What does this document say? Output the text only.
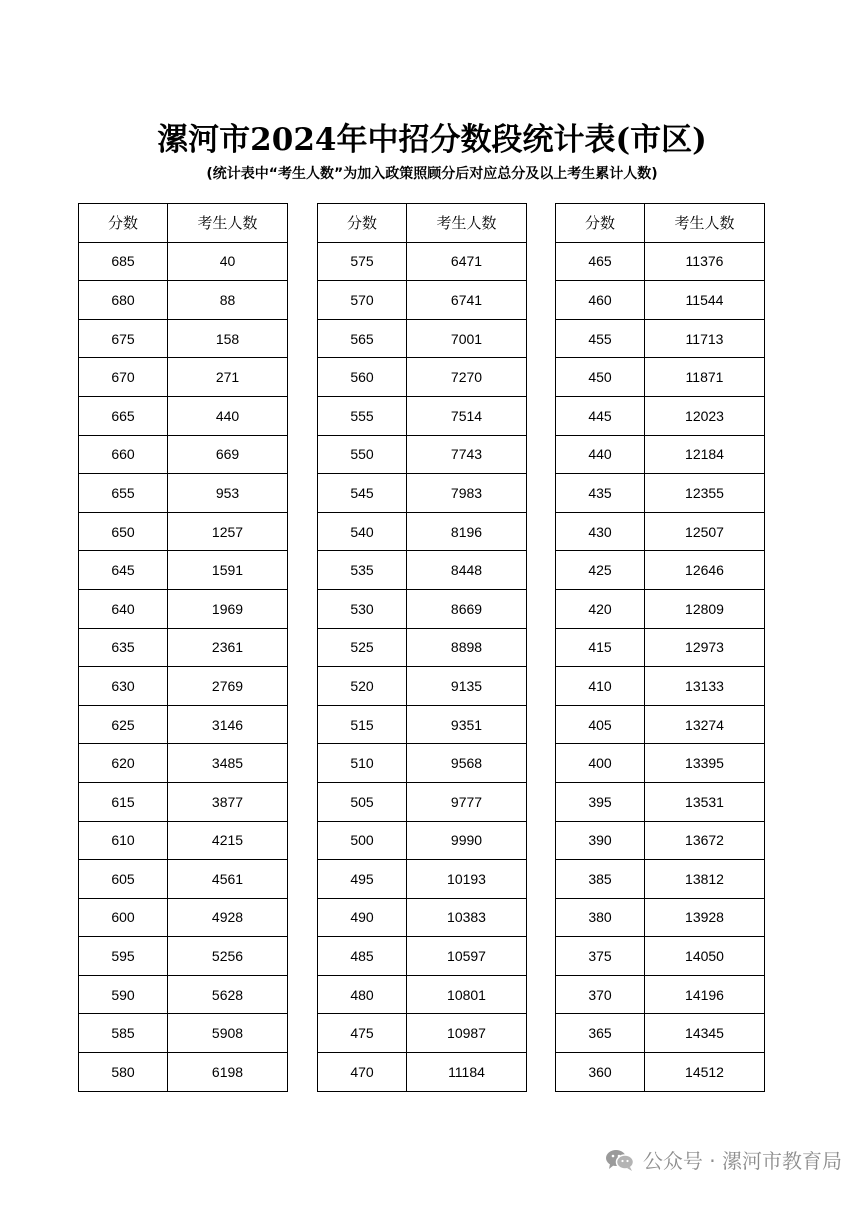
漯河市2024年中招分数段统计表(市区)
(统计表中“考生人数”为加入政策照顾分后对应总分及以上考生累计人数)
分数	考生人数
685	40
680	88
675	158
670	271
665	440
660	669
655	953
650	1257
645	1591
640	1969
635	2361
630	2769
625	3146
620	3485
615	3877
610	4215
605	4561
600	4928
595	5256
590	5628
585	5908
580	6198
分数	考生人数
575	6471
570	6741
565	7001
560	7270
555	7514
550	7743
545	7983
540	8196
535	8448
530	8669
525	8898
520	9135
515	9351
510	9568
505	9777
500	9990
495	10193
490	10383
485	10597
480	10801
475	10987
470	11184
分数	考生人数
465	11376
460	11544
455	11713
450	11871
445	12023
440	12184
435	12355
430	12507
425	12646
420	12809
415	12973
410	13133
405	13274
400	13395
395	13531
390	13672
385	13812
380	13928
375	14050
370	14196
365	14345
360	14512
公众号 · 漯河市教育局
